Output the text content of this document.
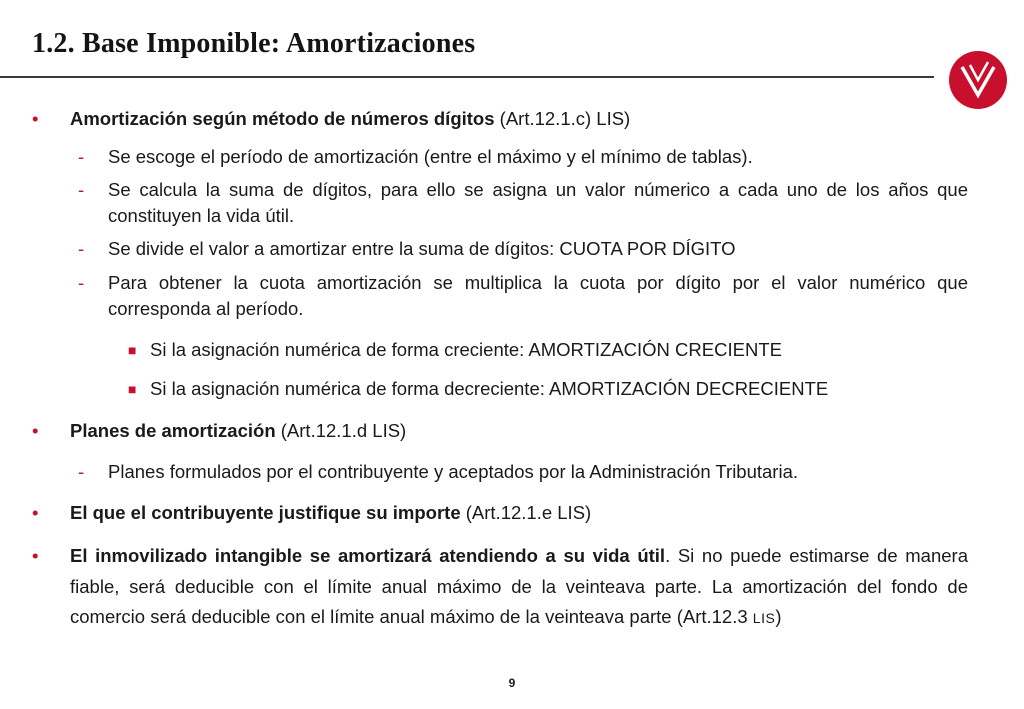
1.2. Base Imponible: Amortizaciones
• Amortización según método de números dígitos (Art.12.1.c) LIS)
- Se escoge el período de amortización (entre el máximo y el mínimo de tablas).
- Se calcula la suma de dígitos, para ello se asigna un valor númerico a cada uno de los años que constituyen la vida útil.
- Se divide el valor a amortizar entre la suma de dígitos: CUOTA POR DÍGITO
- Para obtener la cuota amortización se multiplica la cuota por dígito por el valor numérico que corresponda al período.
■ Si la asignación numérica de forma creciente: AMORTIZACIÓN CRECIENTE
■ Si la asignación numérica de forma decreciente: AMORTIZACIÓN DECRECIENTE
• Planes de amortización (Art.12.1.d LIS)
- Planes formulados por el contribuyente y aceptados por la Administración Tributaria.
• El que el contribuyente justifique su importe (Art.12.1.e LIS)
• El inmovilizado intangible se amortizará atendiendo a su vida útil. Si no puede estimarse de manera fiable, será deducible con el límite anual máximo de la veinteava parte. La amortización del fondo de comercio será deducible con el límite anual máximo de la veinteava parte (Art.12.3 LIS)
9
